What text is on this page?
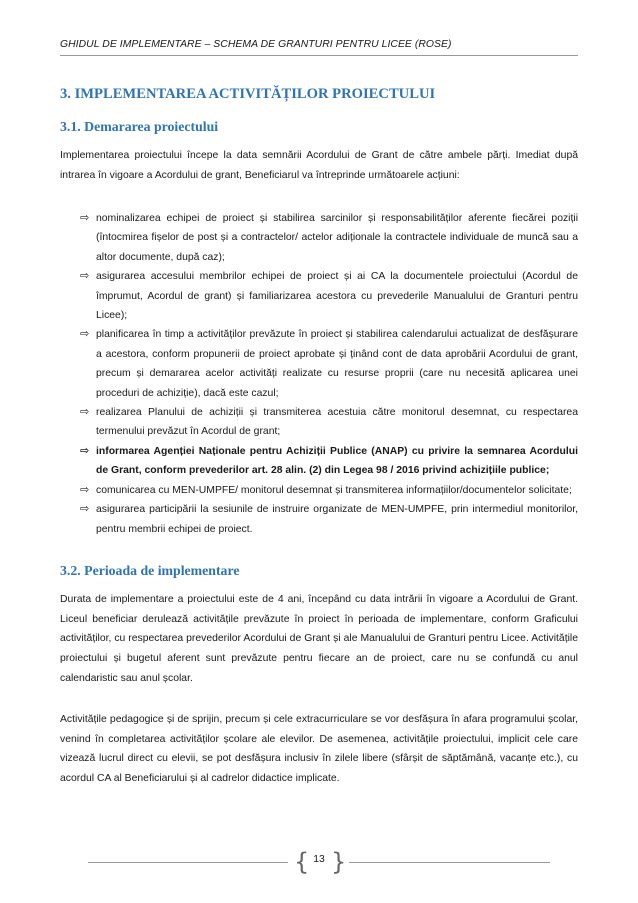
GHIDUL DE IMPLEMENTARE – SCHEMA DE GRANTURI PENTRU LICEE (ROSE)
3. IMPLEMENTAREA ACTIVITĂȚILOR PROIECTULUI
3.1. Demararea proiectului
Implementarea proiectului începe la data semnării Acordului de Grant de către ambele părți. Imediat după intrarea în vigoare a Acordului de grant, Beneficiarul va întreprinde următoarele acțiuni:
⇨ nominalizarea echipei de proiect și stabilirea sarcinilor și responsabilităților aferente fiecărei poziții (întocmirea fișelor de post și a contractelor/ actelor adiționale la contractele individuale de muncă sau a altor documente, după caz);
⇨ asigurarea accesului membrilor echipei de proiect și ai CA la documentele proiectului (Acordul de împrumut, Acordul de grant) și familiarizarea acestora cu prevederile Manualului de Granturi pentru Licee);
⇨ planificarea în timp a activităților prevăzute în proiect și stabilirea calendarului actualizat de desfășurare a acestora, conform propunerii de proiect aprobate și ținând cont de data aprobării Acordului de grant, precum și demararea acelor activități realizate cu resurse proprii (care nu necesită aplicarea unei proceduri de achiziție), dacă este cazul;
⇨ realizarea Planului de achiziții și transmiterea acestuia către monitorul desemnat, cu respectarea termenului prevăzut în Acordul de grant;
⇨ informarea Agenției Naționale pentru Achiziții Publice (ANAP) cu privire la semnarea Acordului de Grant, conform prevederilor art. 28 alin. (2) din Legea 98 / 2016 privind achizițiile publice;
⇨ comunicarea cu MEN-UMPFE/ monitorul desemnat și transmiterea informațiilor/documentelor solicitate;
⇨ asigurarea participării la sesiunile de instruire organizate de MEN-UMPFE, prin intermediul monitorilor, pentru membrii echipei de proiect.
3.2. Perioada de implementare
Durata de implementare a proiectului este de 4 ani, începând cu data intrării în vigoare a Acordului de Grant. Liceul beneficiar derulează activitățile prevăzute în proiect în perioada de implementare, conform Graficului activităților, cu respectarea prevederilor Acordului de Grant și ale Manualului de Granturi pentru Licee. Activitățile proiectului și bugetul aferent sunt prevăzute pentru fiecare an de proiect, care nu se confundă cu anul calendaristic sau anul școlar.
Activitățile pedagogice și de sprijin, precum și cele extracurriculare se vor desfășura în afara programului școlar, venind în completarea activităților școlare ale elevilor. De asemenea, activitățile proiectului, implicit cele care vizează lucrul direct cu elevii, se pot desfășura inclusiv în zilele libere (sfârșit de săptămână, vacanțe etc.), cu acordul CA al Beneficiarului și al cadrelor didactice implicate.
{ 13 }
